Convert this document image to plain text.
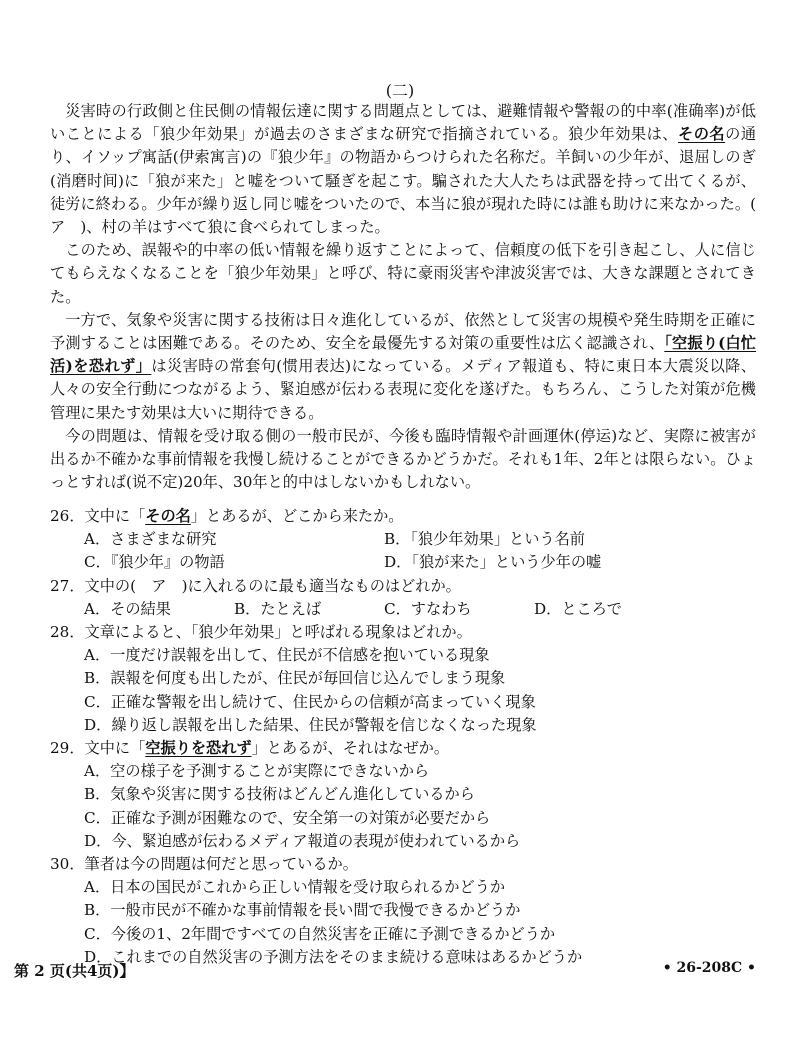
(二)

災害時の行政側と住民側の情報伝達に関する問題点としては、避難情報や警報の的中率(准确率)が低いことによる「狼少年効果」が過去のさまざまな研究で指摘されている。狼少年効果は、その名の通り、イソップ寓話(伊索寓言)の『狼少年』の物語からつけられた名称だ。羊飼いの少年が、退屈しのぎ(消磨时间)に「狼が来た」と嘘をついて騒ぎを起こす。騙された大人たちは武器を持って出てくるが、徒労に終わる。少年が繰り返し同じ嘘をついたので、本当に狼が現れた時には誰も助けに来なかった。(　ア　)、村の羊はすべて狼に食べられてしまった。

このため、誤報や的中率の低い情報を繰り返すことによって、信頼度の低下を引き起こし、人に信じてもらえなくなることを「狼少年効果」と呼び、特に豪雨災害や津波災害では、大きな課題とされてきた。

一方で、気象や災害に関する技術は日々進化しているが、依然として災害の規模や発生時期を正確に予測することは困難である。そのため、安全を最優先する対策の重要性は広く認識され、「空振り(白忙活)を恐れず」は災害時の常套句(惯用表达)になっている。メディア報道も、特に東日本大震災以降、人々の安全行動につながるよう、緊迫感が伝わる表現に変化を遂げた。もちろん、こうした対策が危機管理に果たす効果は大いに期待できる。

今の問題は、情報を受け取る側の一般市民が、今後も臨時情報や計画運休(停运)など、実際に被害が出るか不確かな事前情報を我慢し続けることができるかどうかだ。それも1年、2年とは限らない。ひょっとすれば(说不定)20年、30年と的中はしないかもしれない。

26．文中に「その名」とあるが、どこから来たか。
A．さまざまな研究	B．「狼少年効果」という名前
C．『狼少年』の物語	D．「狼が来た」という少年の嘘
27．文中の(　ア　)に入れるのに最も適当なものはどれか。
A．その結果	B．たとえば	C．すなわち	D．ところで
28．文章によると、「狼少年効果」と呼ばれる現象はどれか。
A．一度だけ誤報を出して、住民が不信感を抱いている現象
B．誤報を何度も出したが、住民が毎回信じ込んでしまう現象
C．正確な警報を出し続けて、住民からの信頼が高まっていく現象
D．繰り返し誤報を出した結果、住民が警報を信じなくなった現象
29．文中に「空振りを恐れず」とあるが、それはなぜか。
A．空の様子を予測することが実際にできないから
B．気象や災害に関する技術はどんどん進化しているから
C．正確な予測が困難なので、安全第一の対策が必要だから
D．今、緊迫感が伝わるメディア報道の表現が使われているから
30．筆者は今の問題は何だと思っているか。
A．日本の国民がこれから正しい情報を受け取られるかどうか
B．一般市民が不確かな事前情報を長い間で我慢できるかどうか
C．今後の1、2年間ですべての自然災害を正確に予測できるかどうか
D．これまでの自然災害の予測方法をそのまま続ける意味はあるかどうか
第 2 页(共4页)】	• 26-208C •
